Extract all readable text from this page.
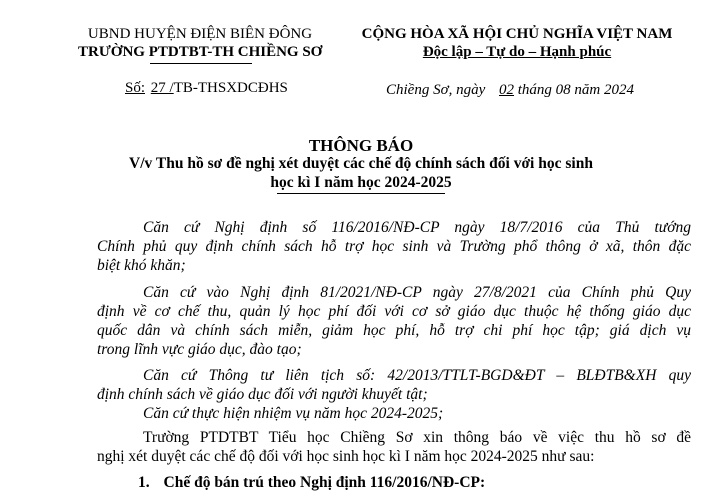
UBND HUYỆN ĐIỆN BIÊN ĐÔNG
TRƯỜNG PTDTBT-TH CHIỀNG SƠ
Số: 27 /TB-THSXDCĐHS
CỘNG HÒA XÃ HỘI CHỦ NGHĨA VIỆT NAM
Độc lập – Tự do – Hạnh phúc
Chiềng Sơ, ngày 02 tháng 08 năm 2024
THÔNG BÁO
V/v Thu hồ sơ đề nghị xét duyệt các chế độ chính sách đối với học sinh
học kì I năm học 2024-2025
Căn cứ Nghị định số 116/2016/NĐ-CP ngày 18/7/2016 của Thủ tướng
Chính phủ quy định chính sách hỗ trợ học sinh và Trường phổ thông ở xã, thôn đặc
biệt khó khăn;
Căn cứ vào Nghị định 81/2021/NĐ-CP ngày 27/8/2021 của Chính phủ Quy
định về cơ chế thu, quản lý học phí đối với cơ sở giáo dục thuộc hệ thống giáo dục
quốc dân và chính sách miễn, giảm học phí, hỗ trợ chi phí học tập; giá dịch vụ
trong lĩnh vực giáo dục, đào tạo;
Căn cứ Thông tư liên tịch số: 42/2013/TTLT-BGD&ĐT – BLĐTB&XH quy
định chính sách về giáo dục đối với người khuyết tật;
Căn cứ thực hiện nhiệm vụ năm học 2024-2025;
Trường PTDTBT Tiểu học Chiềng Sơ xin thông báo về việc thu hồ sơ đề
nghị xét duyệt các chế độ đối với học sinh học kì I năm học 2024-2025 như sau:
1. Chế độ bán trú theo Nghị định 116/2016/NĐ-CP:
